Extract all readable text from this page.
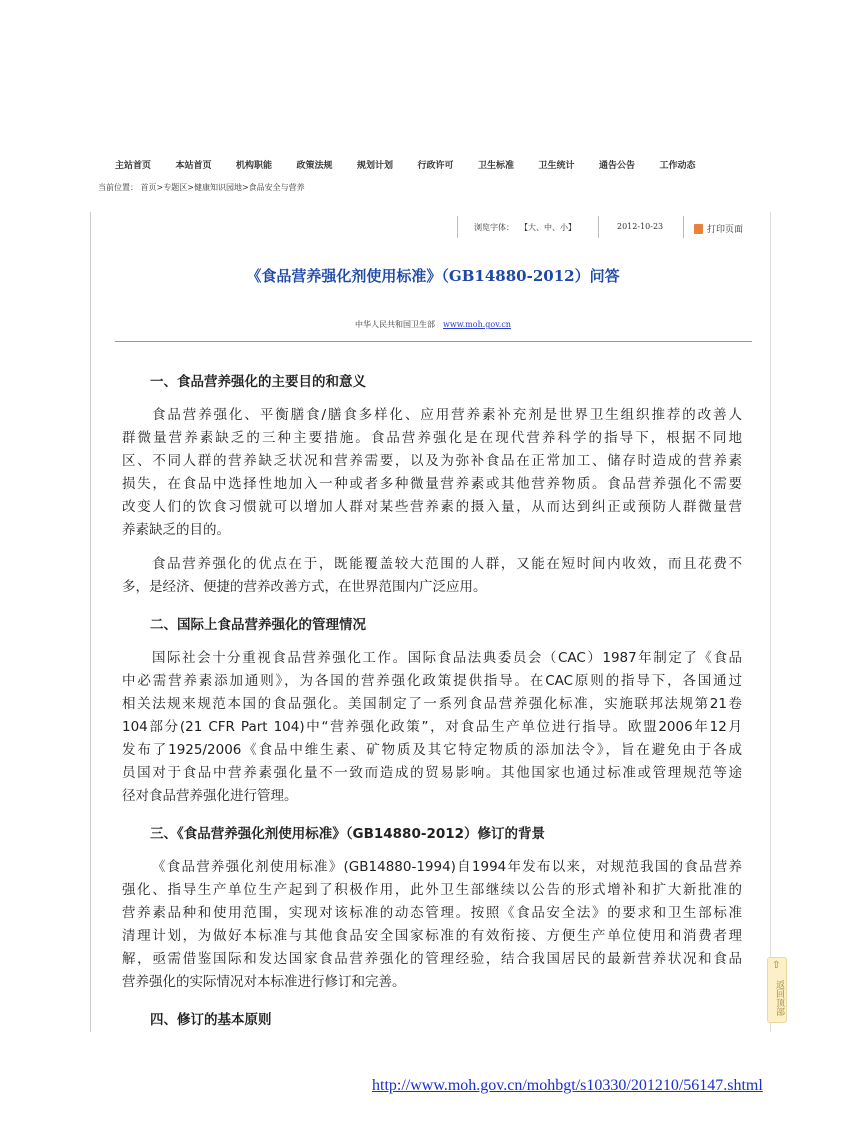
主站首页	本站首页	机构职能	政策法规	规划计划	行政许可	卫生标准	卫生统计	通告公告	工作动态
当前位置： 首页>专题区>健康知识园地>食品安全与营养
浏览字体： 【大、中、小】	2012-10-23	打印页面
《食品营养强化剂使用标准》（GB14880-2012）问答
中华人民共和国卫生部 www.moh.gov.cn
一、食品营养强化的主要目的和意义
食品营养强化、平衡膳食/膳食多样化、应用营养素补充剂是世界卫生组织推荐的改善人
群微量营养素缺乏的三种主要措施。食品营养强化是在现代营养科学的指导下，根据不同地
区、不同人群的营养缺乏状况和营养需要，以及为弥补食品在正常加工、储存时造成的营养素
损失，在食品中选择性地加入一种或者多种微量营养素或其他营养物质。食品营养强化不需要
改变人们的饮食习惯就可以增加人群对某些营养素的摄入量，从而达到纠正或预防人群微量营
养素缺乏的目的。
食品营养强化的优点在于，既能覆盖较大范围的人群，又能在短时间内收效，而且花费不
多，是经济、便捷的营养改善方式，在世界范围内广泛应用。
二、国际上食品营养强化的管理情况
国际社会十分重视食品营养强化工作。国际食品法典委员会（CAC）1987年制定了《食品
中必需营养素添加通则》，为各国的营养强化政策提供指导。在CAC原则的指导下，各国通过
相关法规来规范本国的食品强化。美国制定了一系列食品营养强化标准，实施联邦法规第21卷
104部分(21 CFR Part 104)中“营养强化政策”，对食品生产单位进行指导。欧盟2006年12月
发布了1925/2006《食品中维生素、矿物质及其它特定物质的添加法令》，旨在避免由于各成
员国对于食品中营养素强化量不一致而造成的贸易影响。其他国家也通过标准或管理规范等途
径对食品营养强化进行管理。
三、《食品营养强化剂使用标准》（GB14880-2012）修订的背景
《食品营养强化剂使用标准》(GB14880-1994)自1994年发布以来，对规范我国的食品营养
强化、指导生产单位生产起到了积极作用，此外卫生部继续以公告的形式增补和扩大新批准的
营养素品种和使用范围，实现对该标准的动态管理。按照《食品安全法》的要求和卫生部标准
清理计划，为做好本标准与其他食品安全国家标准的有效衔接、方便生产单位使用和消费者理
解，亟需借鉴国际和发达国家食品营养强化的管理经验，结合我国居民的最新营养状况和食品
营养强化的实际情况对本标准进行修订和完善。
四、修订的基本原则
⇧
返回顶部
http://www.moh.gov.cn/mohbgt/s10330/201210/56147.shtml
